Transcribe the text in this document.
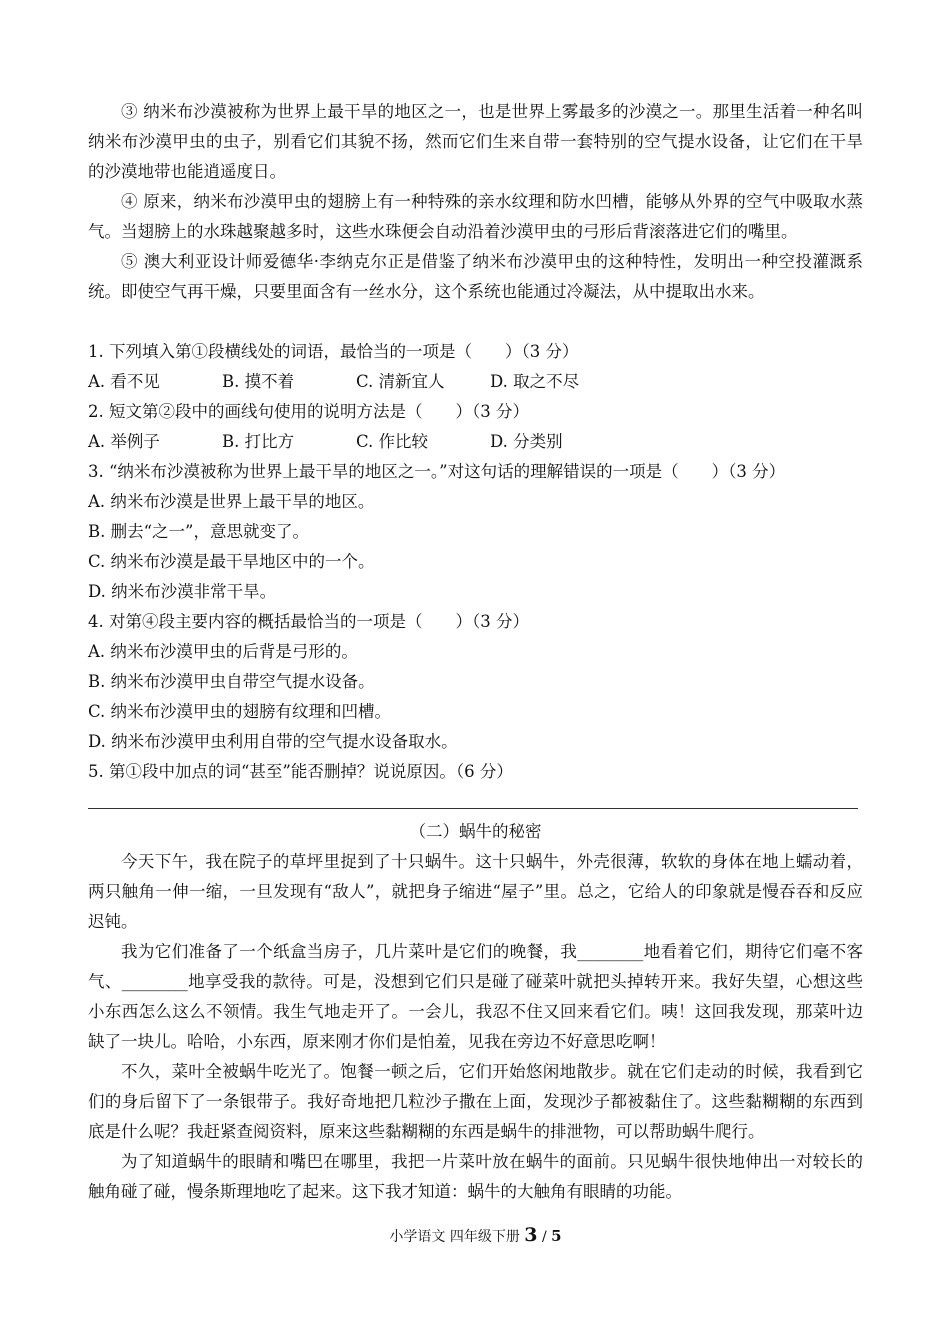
③ 纳米布沙漠被称为世界上最干旱的地区之一，也是世界上雾最多的沙漠之一。那里生活着一种名叫纳米布沙漠甲虫的虫子，别看它们其貌不扬，然而它们生来自带一套特别的空气提水设备，让它们在干旱的沙漠地带也能逍遥度日。

④ 原来，纳米布沙漠甲虫的翅膀上有一种特殊的亲水纹理和防水凹槽，能够从外界的空气中吸取水蒸气。当翅膀上的水珠越聚越多时，这些水珠便会自动沿着沙漠甲虫的弓形后背滚落进它们的嘴里。

⑤ 澳大利亚设计师爱德华·李纳克尔正是借鉴了纳米布沙漠甲虫的这种特性，发明出一种空投灌溉系统。即使空气再干燥，只要里面含有一丝水分，这个系统也能通过冷凝法，从中提取出水来。

1. 下列填入第①段横线处的词语，最恰当的一项是（　　）（3 分）

A. 看不见	B. 摸不着	C. 清新宜人	D. 取之不尽

2. 短文第②段中的画线句使用的说明方法是（　　）（3 分）

A. 举例子	B. 打比方	C. 作比较	D. 分类别

3. “纳米布沙漠被称为世界上最干旱的地区之一。”对这句话的理解错误的一项是（　　）（3 分）

A. 纳米布沙漠是世界上最干旱的地区。

B. 删去“之一”，意思就变了。

C. 纳米布沙漠是最干旱地区中的一个。

D. 纳米布沙漠非常干旱。

4. 对第④段主要内容的概括最恰当的一项是（　　）（3 分）

A. 纳米布沙漠甲虫的后背是弓形的。

B. 纳米布沙漠甲虫自带空气提水设备。

C. 纳米布沙漠甲虫的翅膀有纹理和凹槽。

D. 纳米布沙漠甲虫利用自带的空气提水设备取水。

5. 第①段中加点的词“甚至”能否删掉？说说原因。（6 分）

（二）蜗牛的秘密

今天下午，我在院子的草坪里捉到了十只蜗牛。这十只蜗牛，外壳很薄，软软的身体在地上蠕动着，两只触角一伸一缩，一旦发现有“敌人”，就把身子缩进“屋子”里。总之，它给人的印象就是慢吞吞和反应迟钝。

我为它们准备了一个纸盒当房子，几片菜叶是它们的晚餐，我________地看着它们，期待它们毫不客气、________地享受我的款待。可是，没想到它们只是碰了碰菜叶就把头掉转开来。我好失望，心想这些小东西怎么这么不领情。我生气地走开了。一会儿，我忍不住又回来看它们。咦！这回我发现，那菜叶边缺了一块儿。哈哈，小东西，原来刚才你们是怕羞，见我在旁边不好意思吃啊！

不久，菜叶全被蜗牛吃光了。饱餐一顿之后，它们开始悠闲地散步。就在它们走动的时候，我看到它们的身后留下了一条银带子。我好奇地把几粒沙子撒在上面，发现沙子都被黏住了。这些黏糊糊的东西到底是什么呢？我赶紧查阅资料，原来这些黏糊糊的东西是蜗牛的排泄物，可以帮助蜗牛爬行。

为了知道蜗牛的眼睛和嘴巴在哪里，我把一片菜叶放在蜗牛的面前。只见蜗牛很快地伸出一对较长的触角碰了碰，慢条斯理地吃了起来。这下我才知道：蜗牛的大触角有眼睛的功能。

小学语文 四年级下册 3 / 5
